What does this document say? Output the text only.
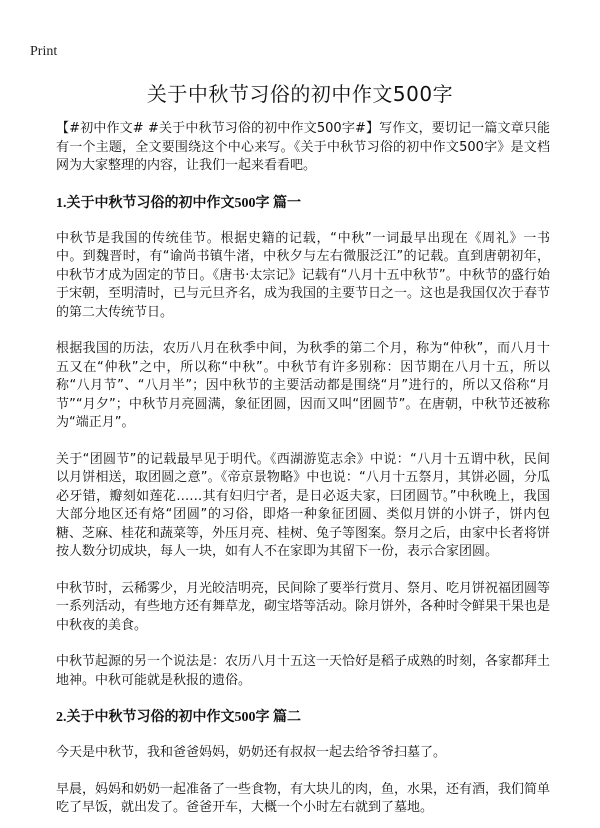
Print
关于中秋节习俗的初中作文500字

【#初中作文# #关于中秋节习俗的初中作文500字#】写作文，要切记一篇文章只能有一个主题，全文要围绕这个中心来写。《关于中秋节习俗的初中作文500字》是文档网为大家整理的内容，让我们一起来看看吧。

1.关于中秋节习俗的初中作文500字 篇一

中秋节是我国的传统佳节。根据史籍的记载，“中秋”一词最早出现在《周礼》一书中。到魏晋时，有“谕尚书镇牛渚，中秋夕与左右微服泛江”的记载。直到唐朝初年，中秋节才成为固定的节日。《唐书·太宗记》记载有“八月十五中秋节”。中秋节的盛行始于宋朝，至明清时，已与元旦齐名，成为我国的主要节日之一。这也是我国仅次于春节的第二大传统节日。

根据我国的历法，农历八月在秋季中间，为秋季的第二个月，称为“仲秋”，而八月十五又在“仲秋”之中，所以称“中秋”。中秋节有许多别称：因节期在八月十五，所以称“八月节”、“八月半”；因中秋节的主要活动都是围绕“月”进行的，所以又俗称“月节”“月夕”；中秋节月亮圆满，象征团圆，因而又叫“团圆节”。在唐朝，中秋节还被称为“端正月”。

关于“团圆节”的记载最早见于明代。《西湖游览志余》中说：“八月十五谓中秋，民间以月饼相送，取团圆之意”。《帝京景物略》中也说：“八月十五祭月，其饼必圆，分瓜必牙错，瓣刻如莲花……其有妇归宁者，是日必返夫家，曰团圆节。”中秋晚上，我国大部分地区还有烙“团圆”的习俗，即烙一种象征团圆、类似月饼的小饼子，饼内包糖、芝麻、桂花和蔬菜等，外压月亮、桂树、兔子等图案。祭月之后，由家中长者将饼按人数分切成块，每人一块，如有人不在家即为其留下一份，表示合家团圆。

中秋节时，云稀雾少，月光皎洁明亮，民间除了要举行赏月、祭月、吃月饼祝福团圆等一系列活动，有些地方还有舞草龙，砌宝塔等活动。除月饼外，各种时令鲜果干果也是中秋夜的美食。

中秋节起源的另一个说法是：农历八月十五这一天恰好是稻子成熟的时刻，各家都拜土地神。中秋可能就是秋报的遗俗。

2.关于中秋节习俗的初中作文500字 篇二

今天是中秋节，我和爸爸妈妈，奶奶还有叔叔一起去给爷爷扫墓了。

早晨，妈妈和奶奶一起准备了一些食物，有大块儿的肉，鱼，水果，还有酒，我们简单吃了早饭，就出发了。爸爸开车，大概一个小时左右就到了墓地。
